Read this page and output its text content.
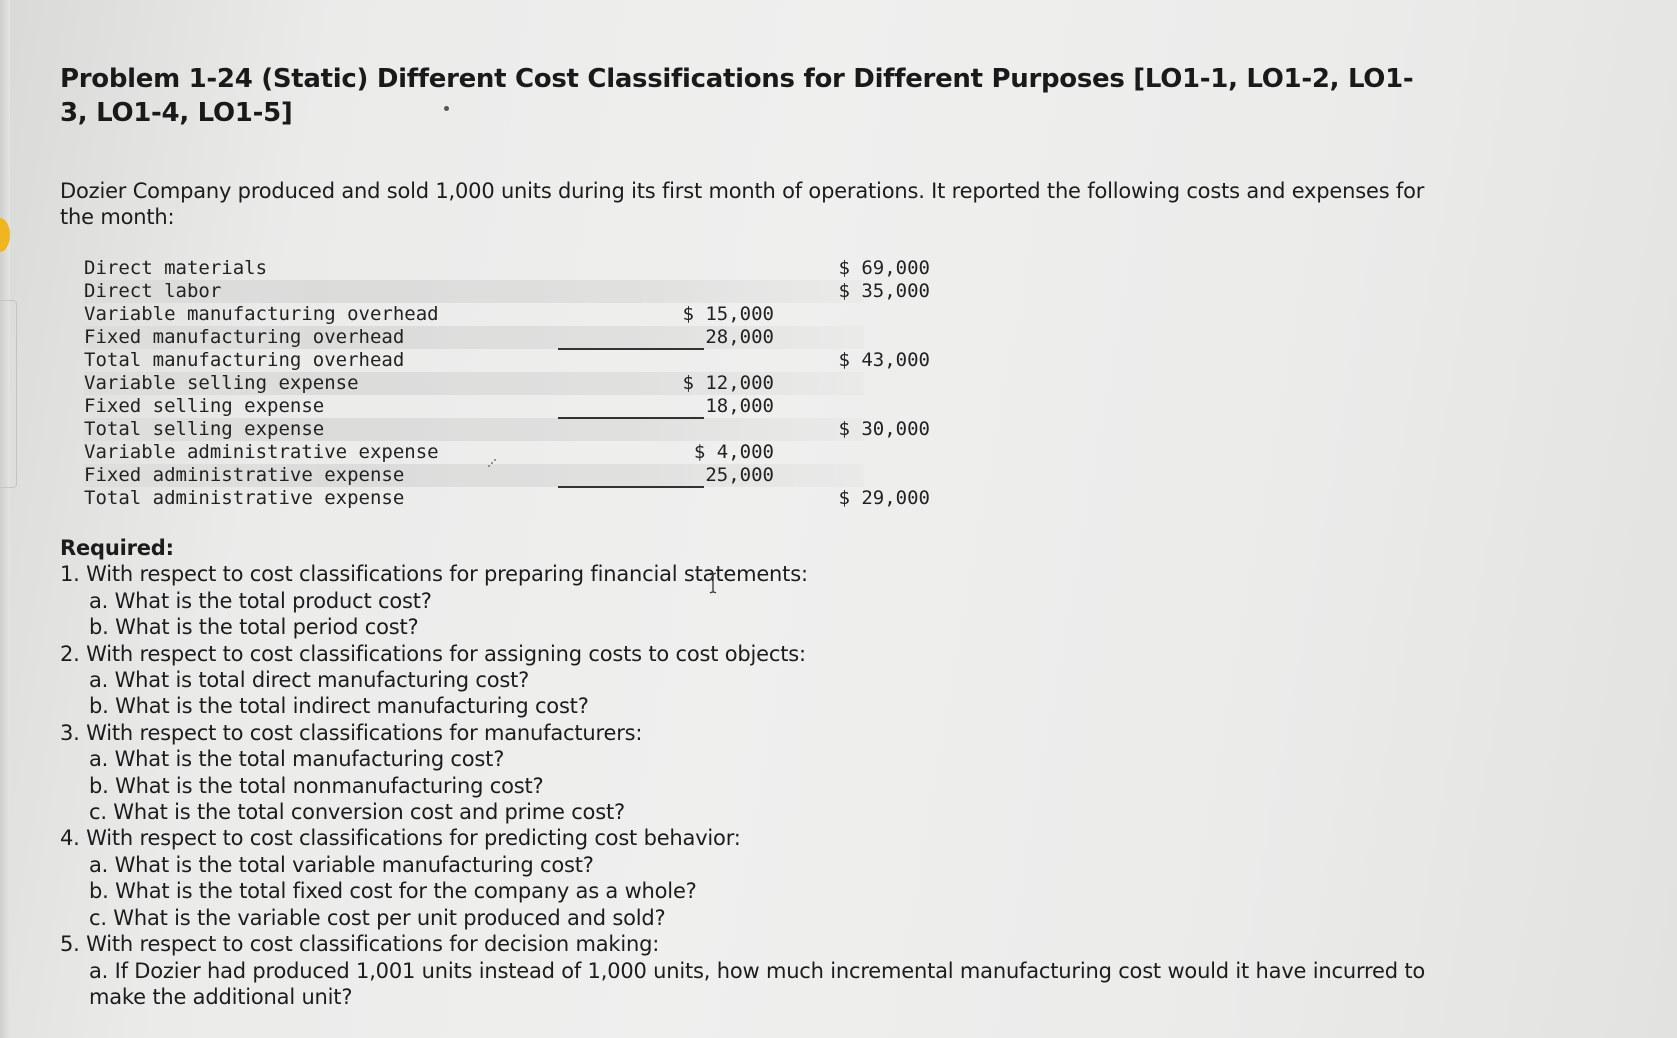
Problem 1-24 (Static) Different Cost Classifications for Different Purposes [LO1-1, LO1-2, LO1-3, LO1-4, LO1-5]
Dozier Company produced and sold 1,000 units during its first month of operations. It reported the following costs and expenses for the month:
Direct materials	$ 69,000
Direct labor	$ 35,000
Variable manufacturing overhead	$ 15,000
Fixed manufacturing overhead	28,000
Total manufacturing overhead	$ 43,000
Variable selling expense	$ 12,000
Fixed selling expense	18,000
Total selling expense	$ 30,000
Variable administrative expense	$ 4,000
Fixed administrative expense	25,000
Total administrative expense	$ 29,000
Required:
1. With respect to cost classifications for preparing financial statements:
a. What is the total product cost?
b. What is the total period cost?
2. With respect to cost classifications for assigning costs to cost objects:
a. What is total direct manufacturing cost?
b. What is the total indirect manufacturing cost?
3. With respect to cost classifications for manufacturers:
a. What is the total manufacturing cost?
b. What is the total nonmanufacturing cost?
c. What is the total conversion cost and prime cost?
4. With respect to cost classifications for predicting cost behavior:
a. What is the total variable manufacturing cost?
b. What is the total fixed cost for the company as a whole?
c. What is the variable cost per unit produced and sold?
5. With respect to cost classifications for decision making:
a. If Dozier had produced 1,001 units instead of 1,000 units, how much incremental manufacturing cost would it have incurred to make the additional unit?
